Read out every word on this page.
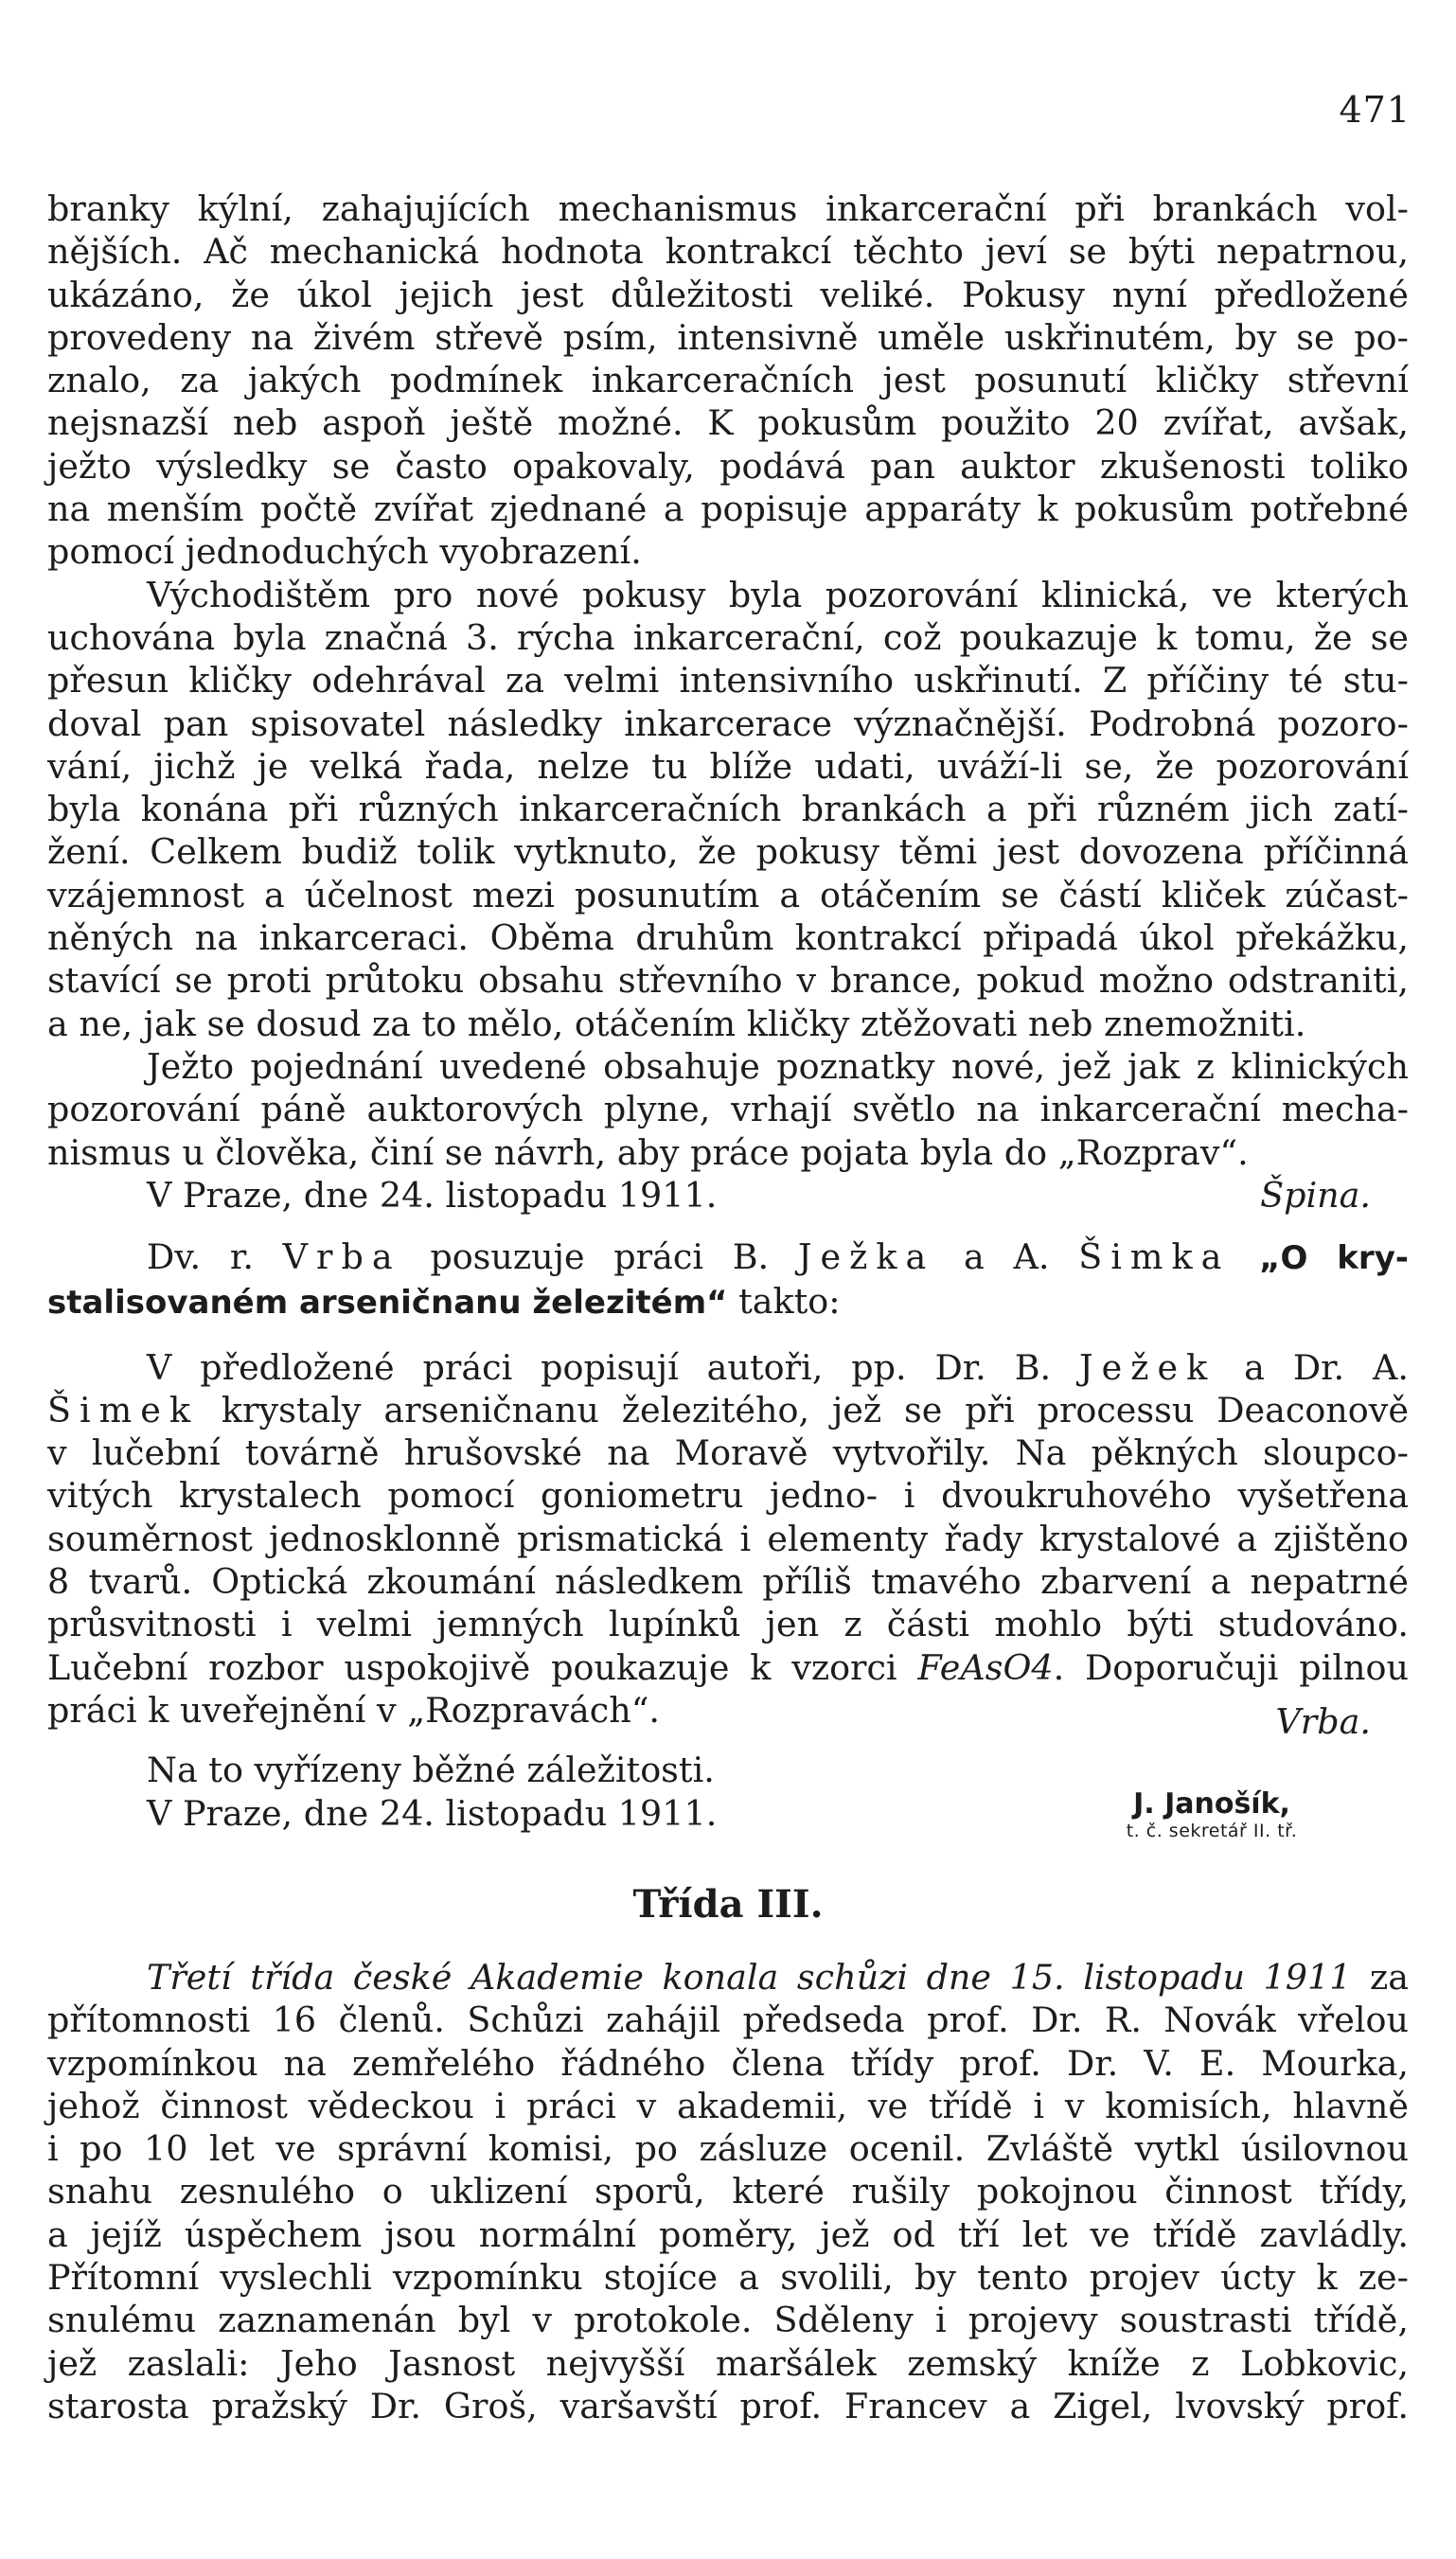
471
branky kýlní, zahajujících mechanismus inkarcerační při brankách vol-
nějších. Ač mechanická hodnota kontrakcí těchto jeví se býti nepatrnou,
ukázáno, že úkol jejich jest důležitosti veliké. Pokusy nyní předložené
provedeny na živém střevě psím, intensivně uměle uskřinutém, by se po-
znalo, za jakých podmínek inkarceračních jest posunutí kličky střevní
nejsnazší neb aspoň ještě možné. K pokusům použito 20 zvířat, avšak,
ježto výsledky se často opakovaly, podává pan auktor zkušenosti toliko
na menším počtě zvířat zjednané a popisuje apparáty k pokusům potřebné
pomocí jednoduchých vyobrazení.
Východištěm pro nové pokusy byla pozorování klinická, ve kterých
uchována byla značná 3. rýcha inkarcerační, což poukazuje k tomu, že se
přesun kličky odehrával za velmi intensivního uskřinutí. Z příčiny té stu-
doval pan spisovatel následky inkarcerace význačnější. Podrobná pozoro-
vání, jichž je velká řada, nelze tu blíže udati, uváží-li se, že pozorování
byla konána při různých inkarceračních brankách a při různém jich zatí-
žení. Celkem budiž tolik vytknuto, že pokusy těmi jest dovozena příčinná
vzájemnost a účelnost mezi posunutím a otáčením se částí kliček zúčast-
něných na inkarceraci. Oběma druhům kontrakcí připadá úkol překážku,
stavící se proti průtoku obsahu střevního v brance, pokud možno odstraniti,
a ne, jak se dosud za to mělo, otáčením kličky ztěžovati neb znemožniti.
Ježto pojednání uvedené obsahuje poznatky nové, jež jak z klinických
pozorování páně auktorových plyne, vrhají světlo na inkarcerační mecha-
nismus u člověka, činí se návrh, aby práce pojata byla do „Rozprav“.
V Praze, dne 24. listopadu 1911.	Špina.
Dv. r. Vrba posuzuje práci B. Ježka a A. Šimka „O kry-
stalisovaném arseničnanu železitém“ takto:
V předložené práci popisují autoři, pp. Dr. B. Ježek a Dr. A.
Šimek krystaly arseničnanu železitého, jež se při processu Deaconově
v lučební továrně hrušovské na Moravě vytvořily. Na pěkných sloupco-
vitých krystalech pomocí goniometru jedno- i dvoukruhového vyšetřena
souměrnost jednosklonně prismatická i elementy řady krystalové a zjištěno
8 tvarů. Optická zkoumání následkem příliš tmavého zbarvení a nepatrné
průsvitnosti i velmi jemných lupínků jen z části mohlo býti studováno.
Lučební rozbor uspokojivě poukazuje k vzorci FeAsO4. Doporučuji pilnou
práci k uveřejnění v „Rozpravách“.	Vrba.
Na to vyřízeny běžné záležitosti.
V Praze, dne 24. listopadu 1911.	J. Janošík,
t. č. sekretář II. tř.
Třída III.
Třetí třída české Akademie konala schůzi dne 15. listopadu 1911 za
přítomnosti 16 členů. Schůzi zahájil předseda prof. Dr. R. Novák vřelou
vzpomínkou na zemřelého řádného člena třídy prof. Dr. V. E. Mourka,
jehož činnost vědeckou i práci v akademii, ve třídě i v komisích, hlavně
i po 10 let ve správní komisi, po zásluze ocenil. Zvláště vytkl úsilovnou
snahu zesnulého o uklizení sporů, které rušily pokojnou činnost třídy,
a jejíž úspěchem jsou normální poměry, jež od tří let ve třídě zavládly.
Přítomní vyslechli vzpomínku stojíce a svolili, by tento projev úcty k ze-
snulému zaznamenán byl v protokole. Sděleny i projevy soustrasti třídě,
jež zaslali: Jeho Jasnost nejvyšší maršálek zemský kníže z Lobkovic,
starosta pražský Dr. Groš, varšavští prof. Francev a Zigel, lvovský prof.
